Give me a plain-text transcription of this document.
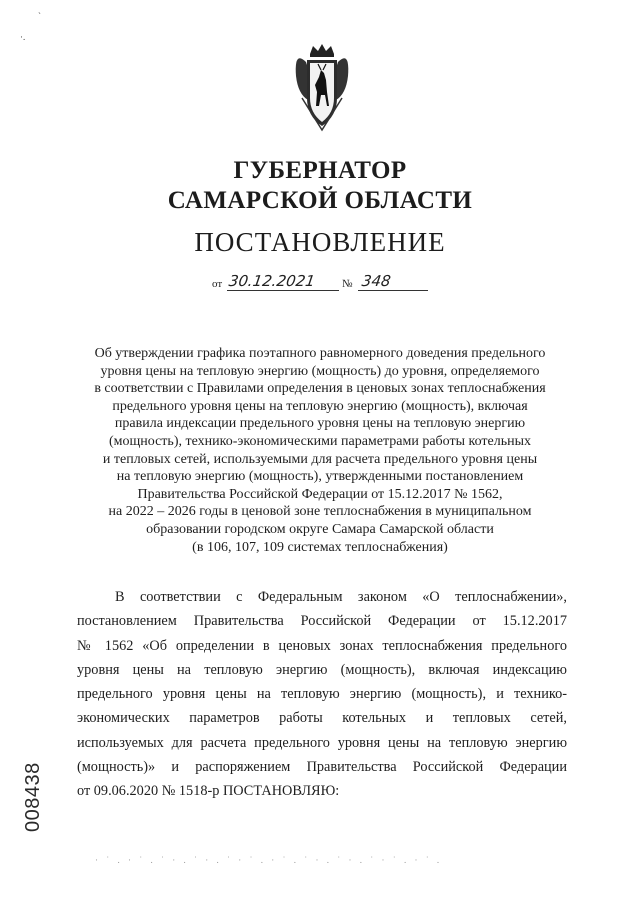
ˋ
·.
ГУБЕРНАТОР
САМАРСКОЙ ОБЛАСТИ
ПОСТАНОВЛЕНИЕ
от 30.12.2021 № 348
Об утверждении графика поэтапного равномерного доведения предельного
уровня цены на тепловую энергию (мощность) до уровня, определяемого
в соответствии с Правилами определения в ценовых зонах теплоснабжения
предельного уровня цены на тепловую энергию (мощность), включая
правила индексации предельного уровня цены на тепловую энергию
(мощность), технико-экономическими параметрами работы котельных
и тепловых сетей, используемыми для расчета предельного уровня цены
на тепловую энергию (мощность), утвержденными постановлением
Правительства Российской Федерации от 15.12.2017 № 1562,
на 2022 – 2026 годы в ценовой зоне теплоснабжения в муниципальном
образовании городском округе Самара Самарской области
(в 106, 107, 109 системах теплоснабжения)
В соответствии с Федеральным законом «О теплоснабжении»,
постановлением Правительства Российской Федерации от 15.12.2017
№ 1562 «Об определении в ценовых зонах теплоснабжения предельного
уровня цены на тепловую энергию (мощность), включая индексацию
предельного уровня цены на тепловую энергию (мощность), и технико-
экономических параметров работы котельных и тепловых сетей,
используемых для расчета предельного уровня цены на тепловую энергию
(мощность)» и распоряжением Правительства Российской Федерации
от 09.06.2020 № 1518-р ПОСТАНОВЛЯЮ:
008438
· ˙ . · ˙ . ˙ · . ˙ · . ˙ · ˙ . · ˙ . ˙ · . ˙ · . ˙ · ˙ . · ˙ .
